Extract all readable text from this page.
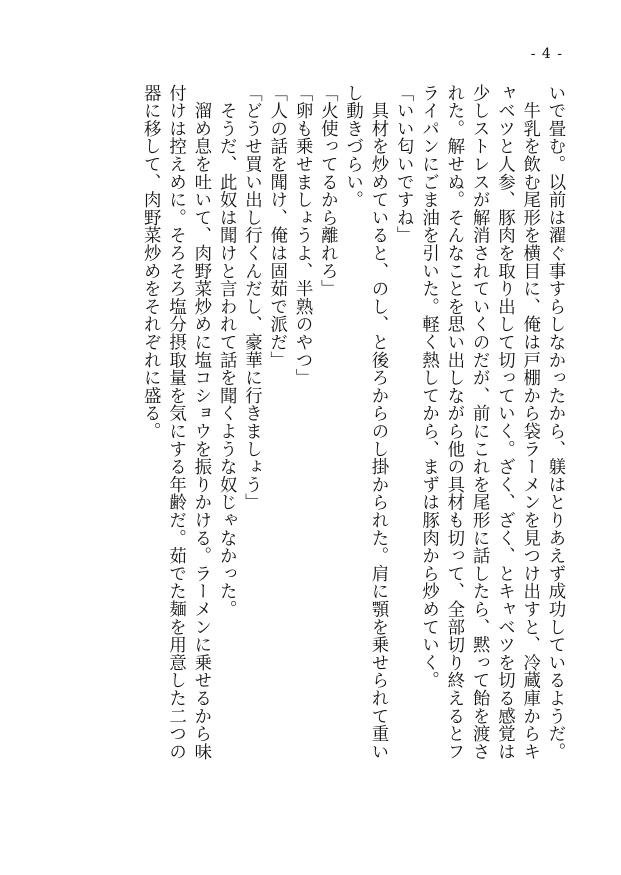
- 4 -
いで畳む。以前は濯ぐ事すらしなかったから、躾はとりあえず成功しているようだ。
　牛乳を飲む尾形を横目に、俺は戸棚から袋ラーメンを見つけ出すと、冷蔵庫からキ
ャベツと人参、豚肉を取り出して切っていく。ざく、ざく、とキャベツを切る感覚は
少しストレスが解消されていくのだが、前にこれを尾形に話したら、黙って飴を渡さ
れた。解せぬ。そんなことを思い出しながら他の具材も切って、全部切り終えるとフ
ライパンにごま油を引いた。軽く熱してから、まずは豚肉から炒めていく。
「いい匂いですね」
　具材を炒めていると、のし、と後ろからのし掛かられた。肩に顎を乗せられて重い
し動きづらい。
「火使ってるから離れろ」
「卵も乗せましょうよ、半熟のやつ」
「人の話を聞け、俺は固茹で派だ」
「どうせ買い出し行くんだし、豪華に行きましょう」
　そうだ、此奴は聞けと言われて話を聞くような奴じゃなかった。
　溜め息を吐いて、肉野菜炒めに塩コショウを振りかける。ラーメンに乗せるから味
付けは控えめに。そろそろ塩分摂取量を気にする年齢だ。茹でた麺を用意した二つの
器に移して、肉野菜炒めをそれぞれに盛る。
